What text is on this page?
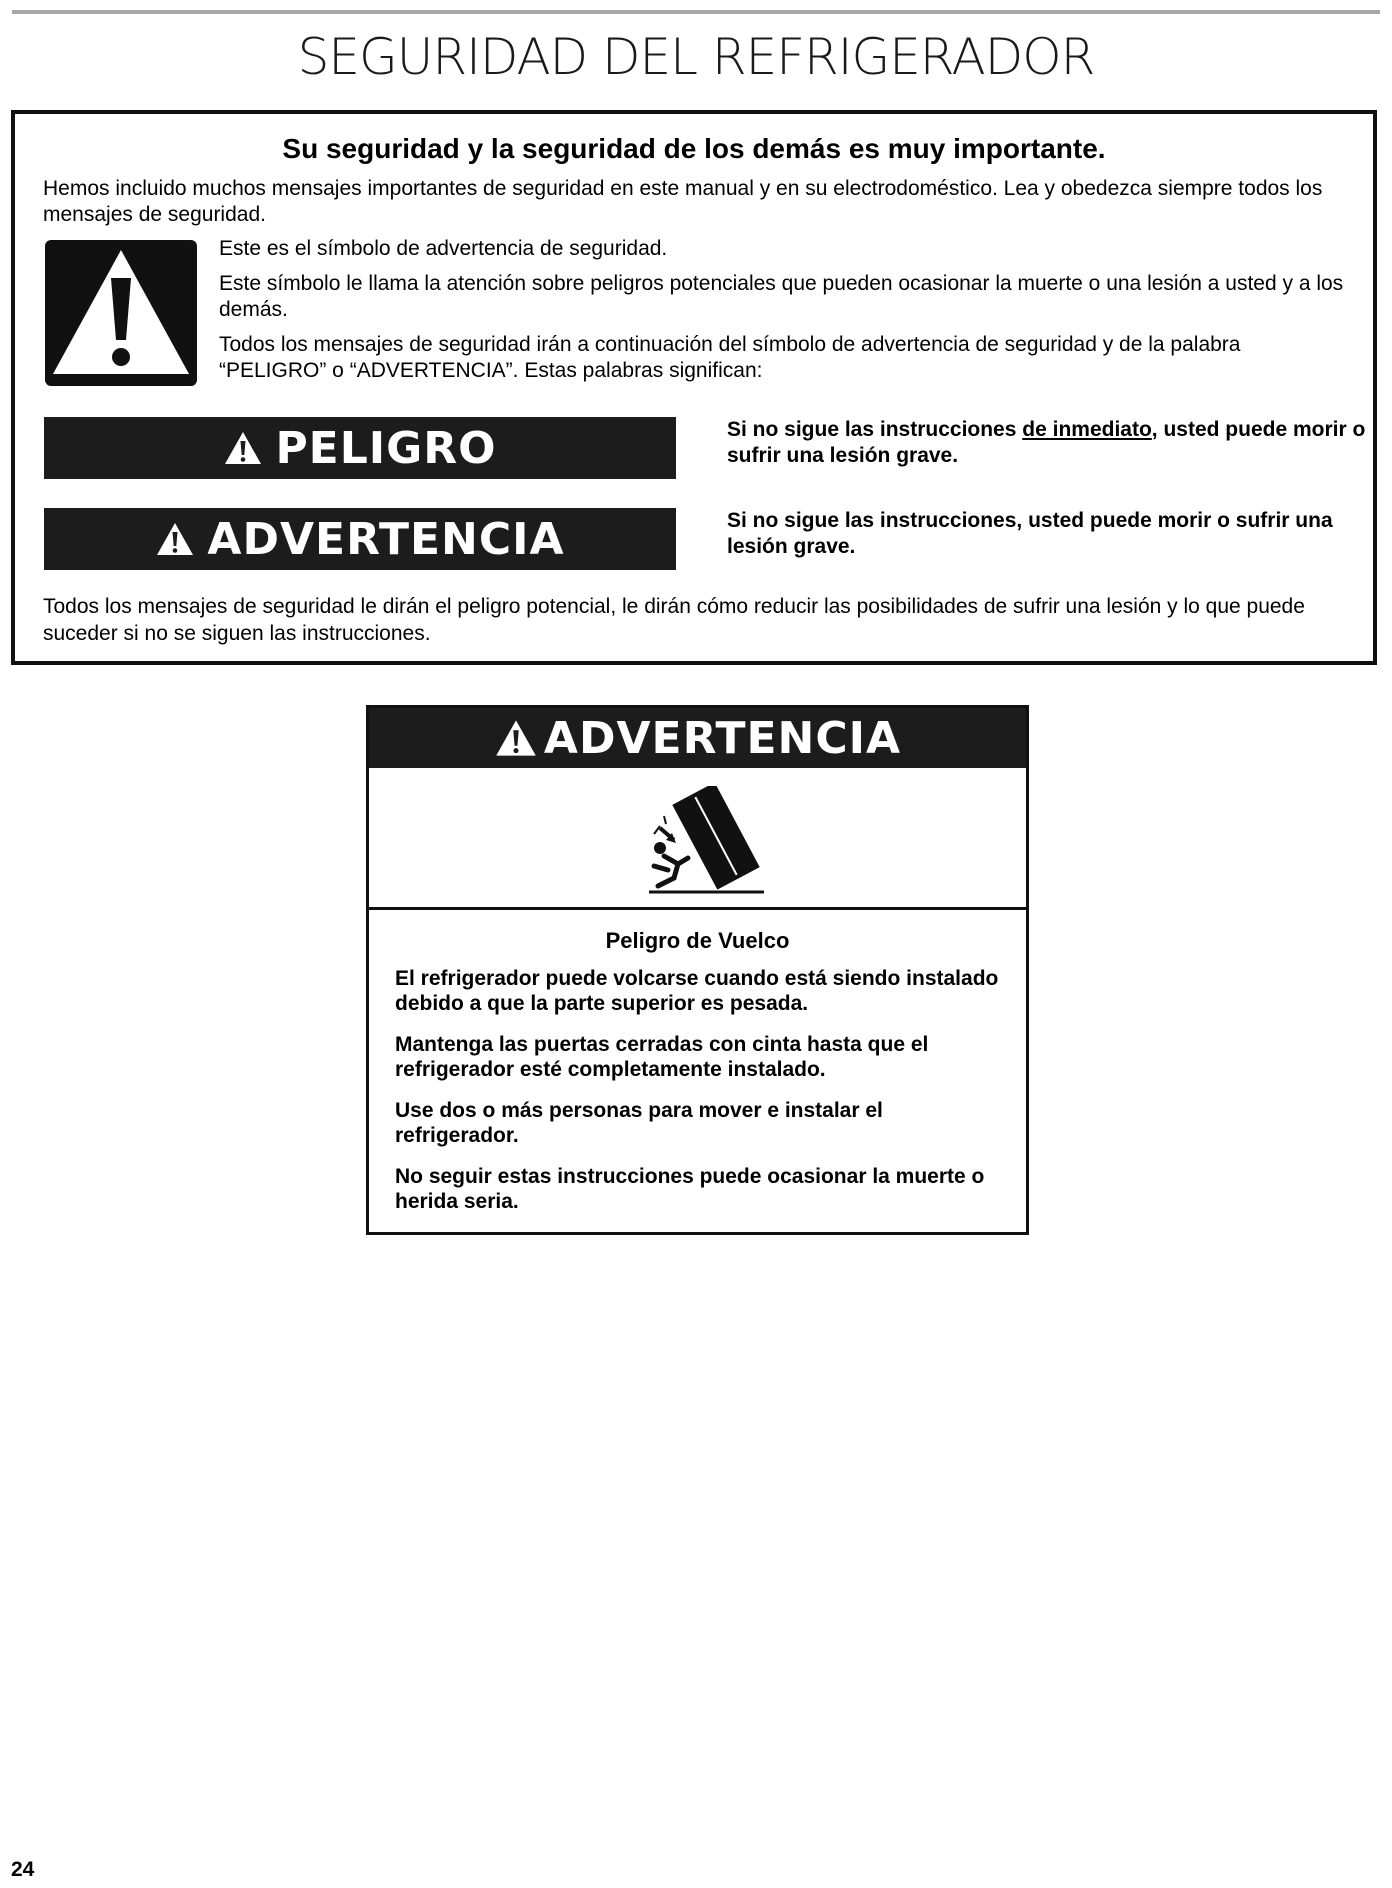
SEGURIDAD DEL REFRIGERADOR
Su seguridad y la seguridad de los demás es muy importante.
Hemos incluido muchos mensajes importantes de seguridad en este manual y en su electrodoméstico. Lea y obedezca siempre todos los mensajes de seguridad.

Este es el símbolo de advertencia de seguridad.

Este símbolo le llama la atención sobre peligros potenciales que pueden ocasionar la muerte o una lesión a usted y a los demás.

Todos los mensajes de seguridad irán a continuación del símbolo de advertencia de seguridad y de la palabra “PELIGRO” o “ADVERTENCIA”. Estas palabras significan:

PELIGRO	Si no sigue las instrucciones de inmediato, usted puede morir o sufrir una lesión grave.
ADVERTENCIA	Si no sigue las instrucciones, usted puede morir o sufrir una lesión grave.
Todos los mensajes de seguridad le dirán el peligro potencial, le dirán cómo reducir las posibilidades de sufrir una lesión y lo que puede suceder si no se siguen las instrucciones.
ADVERTENCIA
Peligro de Vuelco

El refrigerador puede volcarse cuando está siendo instalado debido a que la parte superior es pesada.

Mantenga las puertas cerradas con cinta hasta que el refrigerador esté completamente instalado.

Use dos o más personas para mover e instalar el refrigerador.

No seguir estas instrucciones puede ocasionar la muerte o herida seria.

24
